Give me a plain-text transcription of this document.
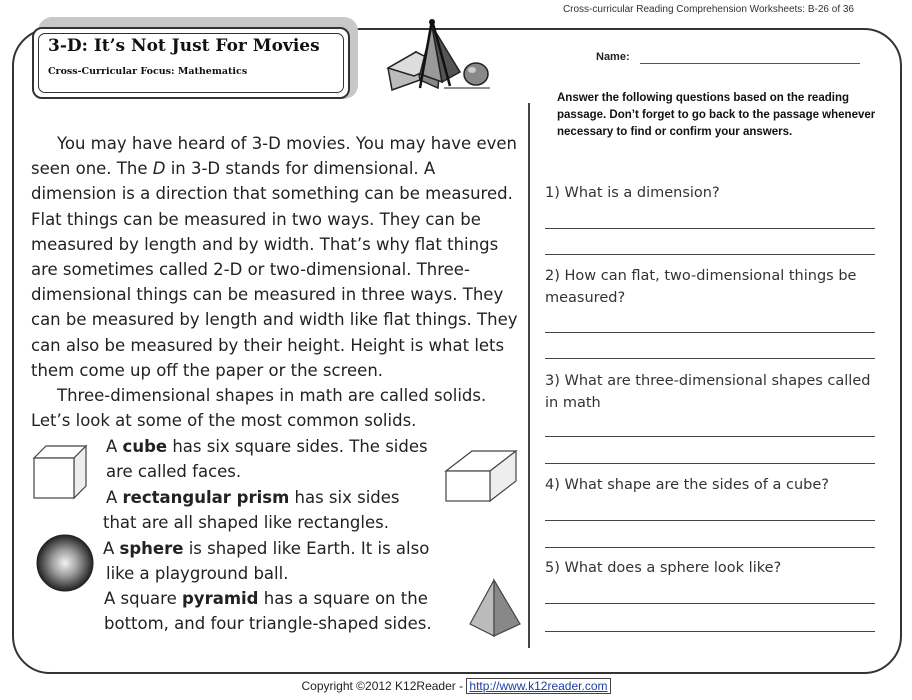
Cross-curricular Reading Comprehension Worksheets: B-26 of 36
3-D: It’s Not Just For Movies
Cross-Curricular Focus: Mathematics

You may have heard of 3-D movies. You may have even seen one. The D in 3-D stands for dimensional. A dimension is a direction that something can be measured. Flat things can be measured in two ways. They can be measured by length and by width. That’s why flat things are sometimes called 2-D or two-dimensional. Three-dimensional things can be measured in three ways. They can be measured by length and width like flat things. They can also be measured by their height. Height is what lets them come up off the paper or the screen.

Three-dimensional shapes in math are called solids. Let’s look at some of the most common solids.

A cube has six square sides. The sides
are called faces.
A rectangular prism has six sides
that are all shaped like rectangles.
A sphere is shaped like Earth. It is also
like a playground ball.
A square pyramid has a square on the
bottom, and four triangle-shaped sides.
Name:
Answer the following questions based on the reading passage. Don’t forget to go back to the passage whenever necessary to find or confirm your answers.
1) What is a dimension?
2) How can flat, two-dimensional things be measured?
3) What are three-dimensional shapes called in math
4) What shape are the sides of a cube?
5) What does a sphere look like?
Copyright ©2012 K12Reader - http://www.k12reader.com
